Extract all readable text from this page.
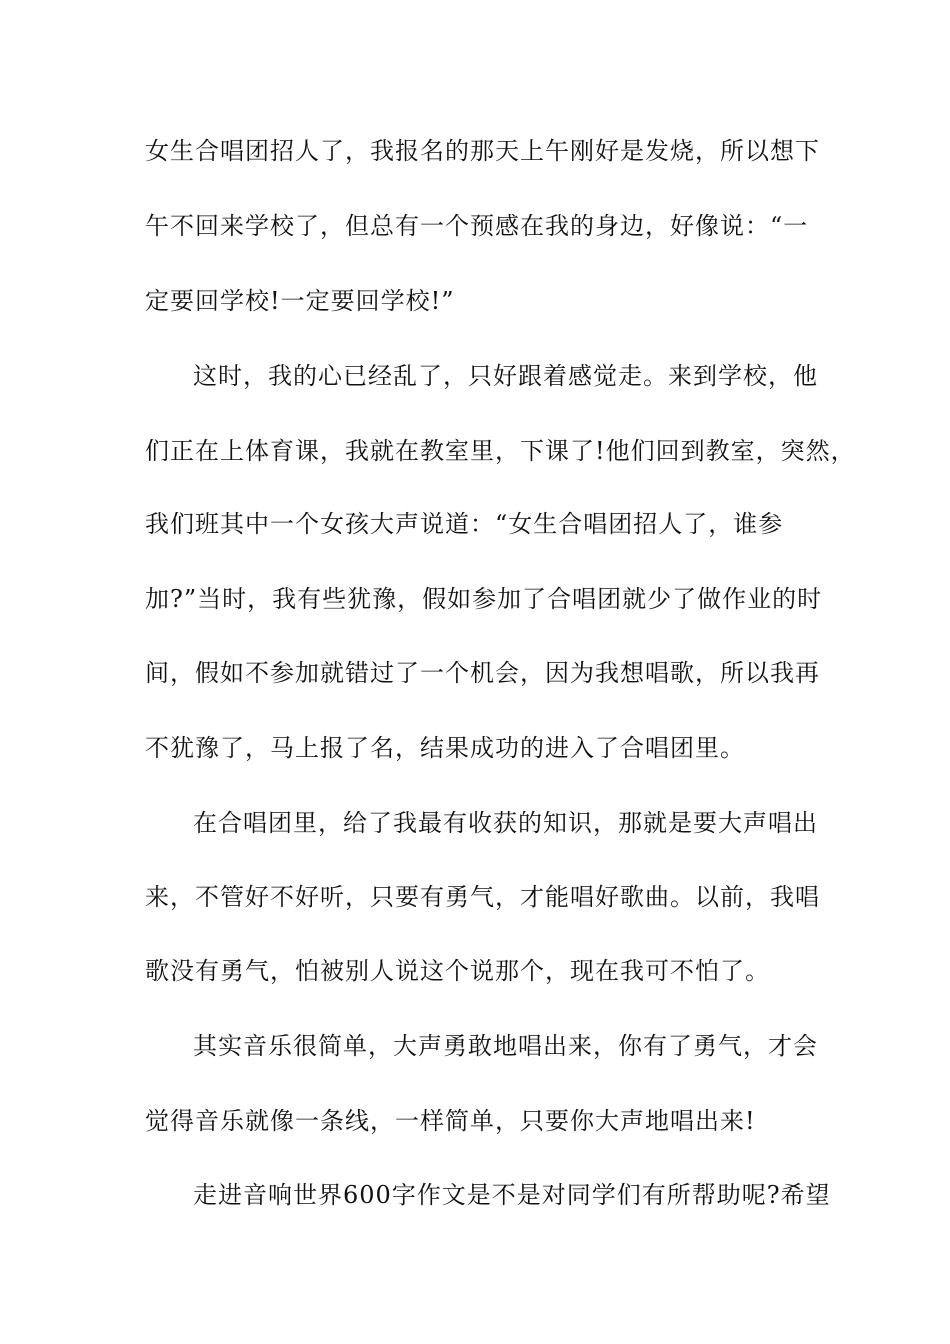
女生合唱团招人了，我报名的那天上午刚好是发烧，所以想下
午不回来学校了，但总有一个预感在我的身边，好像说：“一
定要回学校!一定要回学校!”
这时，我的心已经乱了，只好跟着感觉走。来到学校，他
们正在上体育课，我就在教室里，下课了!他们回到教室，突然，
我们班其中一个女孩大声说道：“女生合唱团招人了，谁参
加?”当时，我有些犹豫，假如参加了合唱团就少了做作业的时
间，假如不参加就错过了一个机会，因为我想唱歌，所以我再
不犹豫了，马上报了名，结果成功的进入了合唱团里。
在合唱团里，给了我最有收获的知识，那就是要大声唱出
来，不管好不好听，只要有勇气，才能唱好歌曲。以前，我唱
歌没有勇气，怕被别人说这个说那个，现在我可不怕了。
其实音乐很简单，大声勇敢地唱出来，你有了勇气，才会
觉得音乐就像一条线，一样简单，只要你大声地唱出来!
走进音响世界600字作文是不是对同学们有所帮助呢?希望
